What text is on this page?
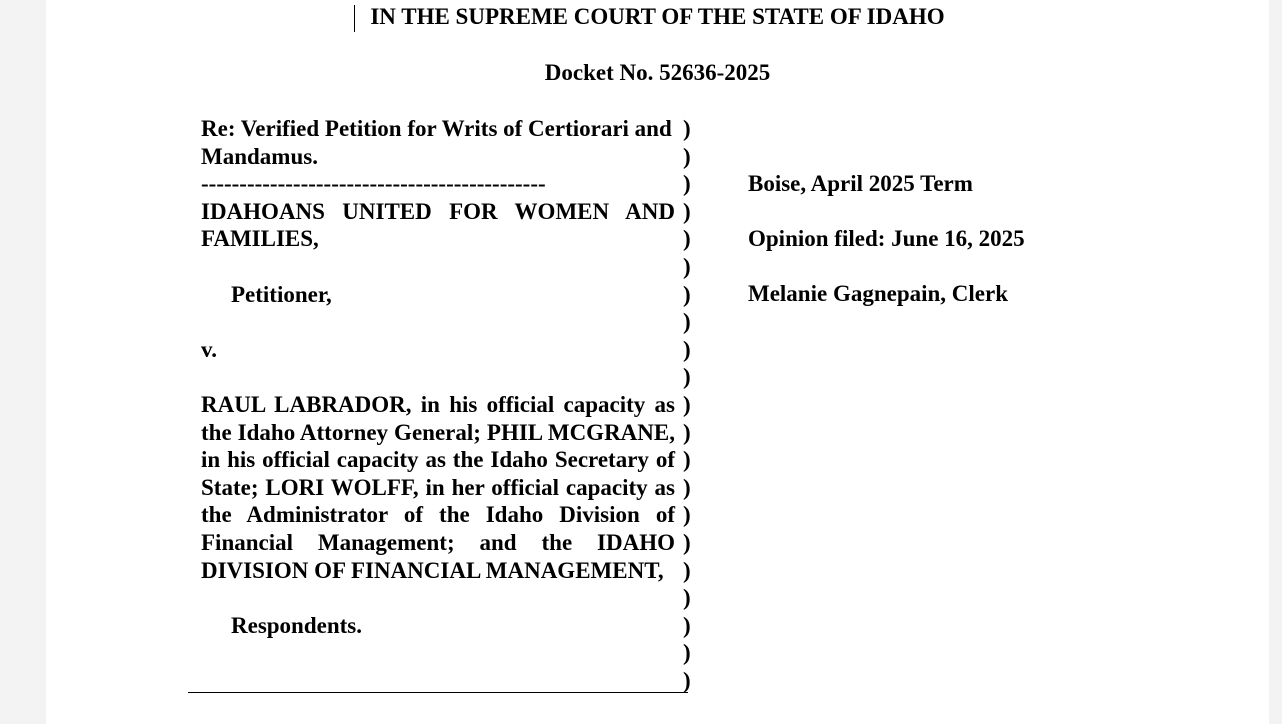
IN THE SUPREME COURT OF THE STATE OF IDAHO
Docket No. 52636-2025

Re: Verified Petition for Writs of Certiorari and Mandamus.

---------------------------------------------

IDAHOANS UNITED FOR WOMEN AND FAMILIES,

Petitioner,

v.

RAUL LABRADOR, in his official capacity as the Idaho Attorney General; PHIL MCGRANE, in his official capacity as the Idaho Secretary of State; LORI WOLFF, in her official capacity as the Administrator of the Idaho Division of Financial Management; and the IDAHO DIVISION OF FINANCIAL MANAGEMENT,

Respondents.

)
)
)
)
)
)
)
)
)
)
)
)
)
)
)
)
)
)
)
)
)

Boise, April 2025 Term

Opinion filed: June 16, 2025

Melanie Gagnepain, Clerk
